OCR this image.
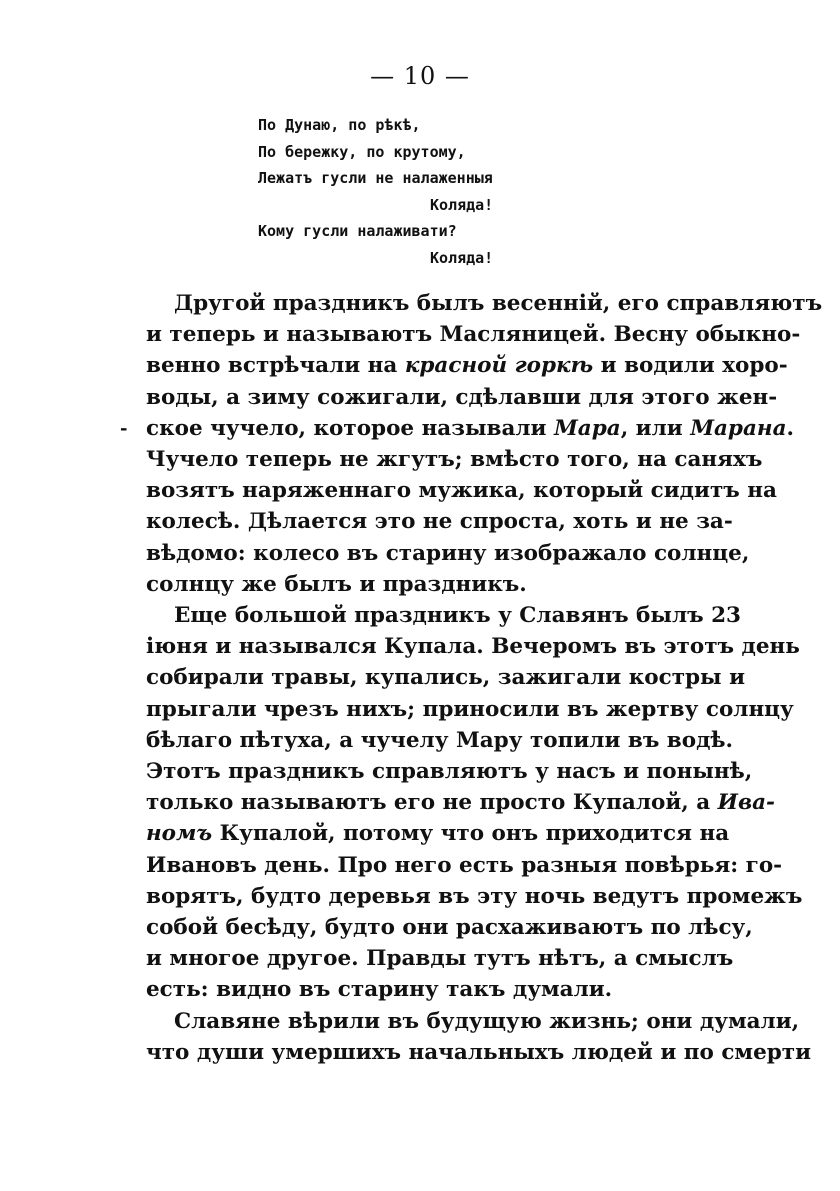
— 10 —
-
По Дунаю, по рѣкѣ,
По бережку, по крутому,
Лежатъ гусли не налаженныя
Коляда!
Кому гусли налаживати?
Коляда!
Другой праздникъ былъ весенній, его справляютъ
и теперь и называютъ Масляницей. Весну обыкно-
венно встрѣчали на красной горкѣ и водили хоро-
воды, а зиму сожигали, сдѣлавши для этого жен-
ское чучело, которое называли Мара, или Марана.
Чучело теперь не жгутъ; вмѣсто того, на саняхъ
возятъ наряженнаго мужика, который сидитъ на
колесѣ. Дѣлается это не спроста, хоть и не за-
вѣдомо: колесо въ старину изображало солнце,
солнцу же былъ и праздникъ.
Еще большой праздникъ у Славянъ былъ 23
іюня и назывался Купала. Вечеромъ въ этотъ день
собирали травы, купались, зажигали костры и
прыгали чрезъ нихъ; приносили въ жертву солнцу
бѣлаго пѣтуха, а чучелу Мару топили въ водѣ.
Этотъ праздникъ справляютъ у насъ и понынѣ,
только называютъ его не просто Купалой, а Ива-
номъ Купалой, потому что онъ приходится на
Ивановъ день. Про него есть разныя повѣрья: го-
ворятъ, будто деревья въ эту ночь ведутъ промежъ
собой бесѣду, будто они расхаживаютъ по лѣсу,
и многое другое. Правды тутъ нѣтъ, а смыслъ
есть: видно въ старину такъ думали.
Славяне вѣрили въ будущую жизнь; они думали,
что души умершихъ начальныхъ людей и по смерти
